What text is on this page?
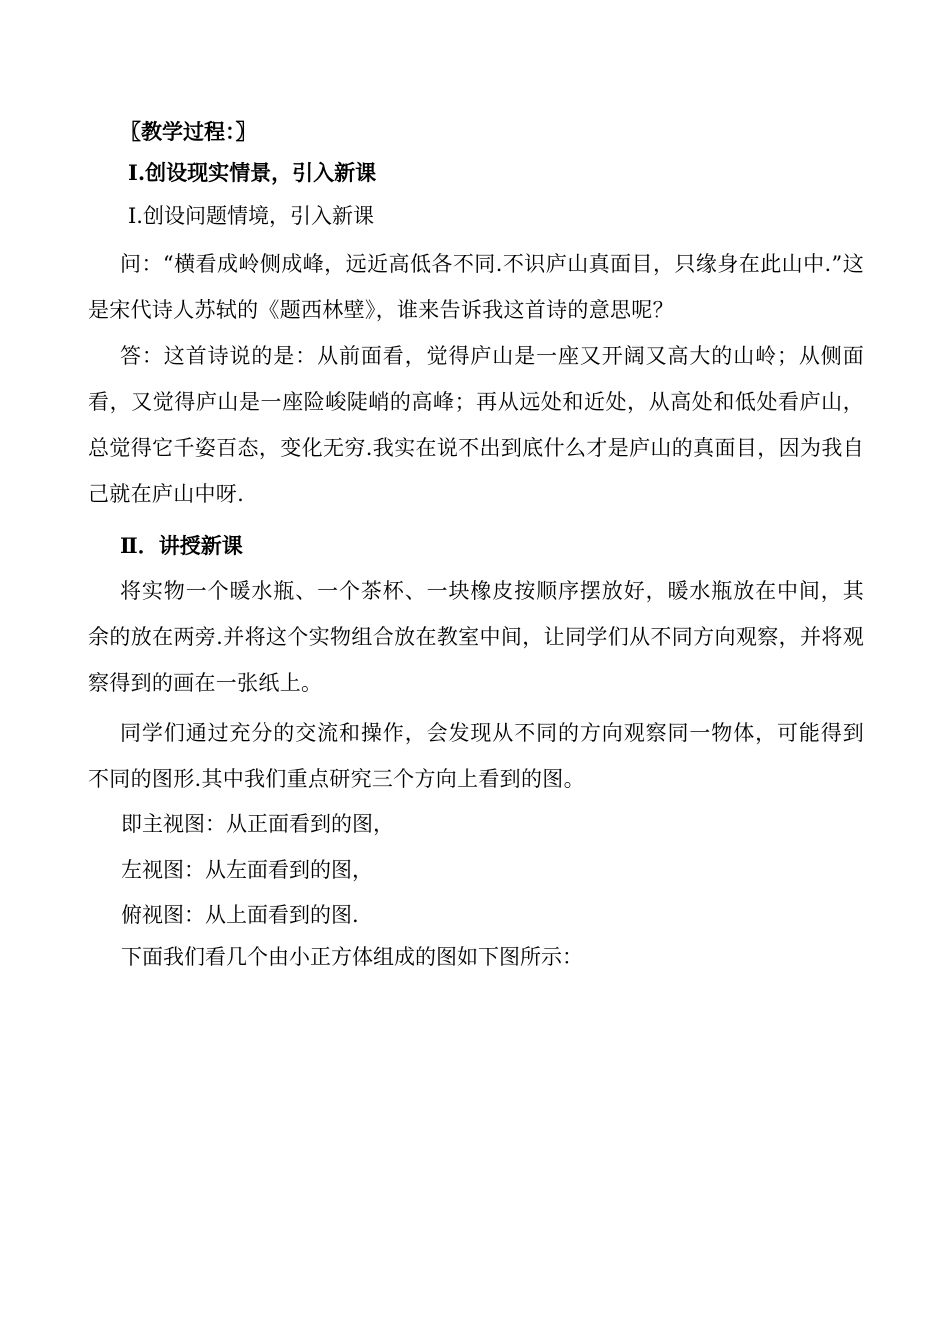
〖教学过程：〗
Ⅰ.创设现实情景，引入新课
Ⅰ.创设问题情境，引入新课
问：“横看成岭侧成峰，远近高低各不同.不识庐山真面目，只缘身在此山中.”这是宋代诗人苏轼的《题西林壁》，谁来告诉我这首诗的意思呢？
答：这首诗说的是：从前面看，觉得庐山是一座又开阔又高大的山岭；从侧面看，又觉得庐山是一座险峻陡峭的高峰；再从远处和近处，从高处和低处看庐山，总觉得它千姿百态，变化无穷.我实在说不出到底什么才是庐山的真面目，因为我自己就在庐山中呀.
Ⅱ．讲授新课
将实物一个暖水瓶、一个茶杯、一块橡皮按顺序摆放好，暖水瓶放在中间，其余的放在两旁.并将这个实物组合放在教室中间，让同学们从不同方向观察，并将观察得到的画在一张纸上。
同学们通过充分的交流和操作，会发现从不同的方向观察同一物体，可能得到不同的图形.其中我们重点研究三个方向上看到的图。
即主视图：从正面看到的图，
左视图：从左面看到的图，
俯视图：从上面看到的图.
下面我们看几个由小正方体组成的图如下图所示：
